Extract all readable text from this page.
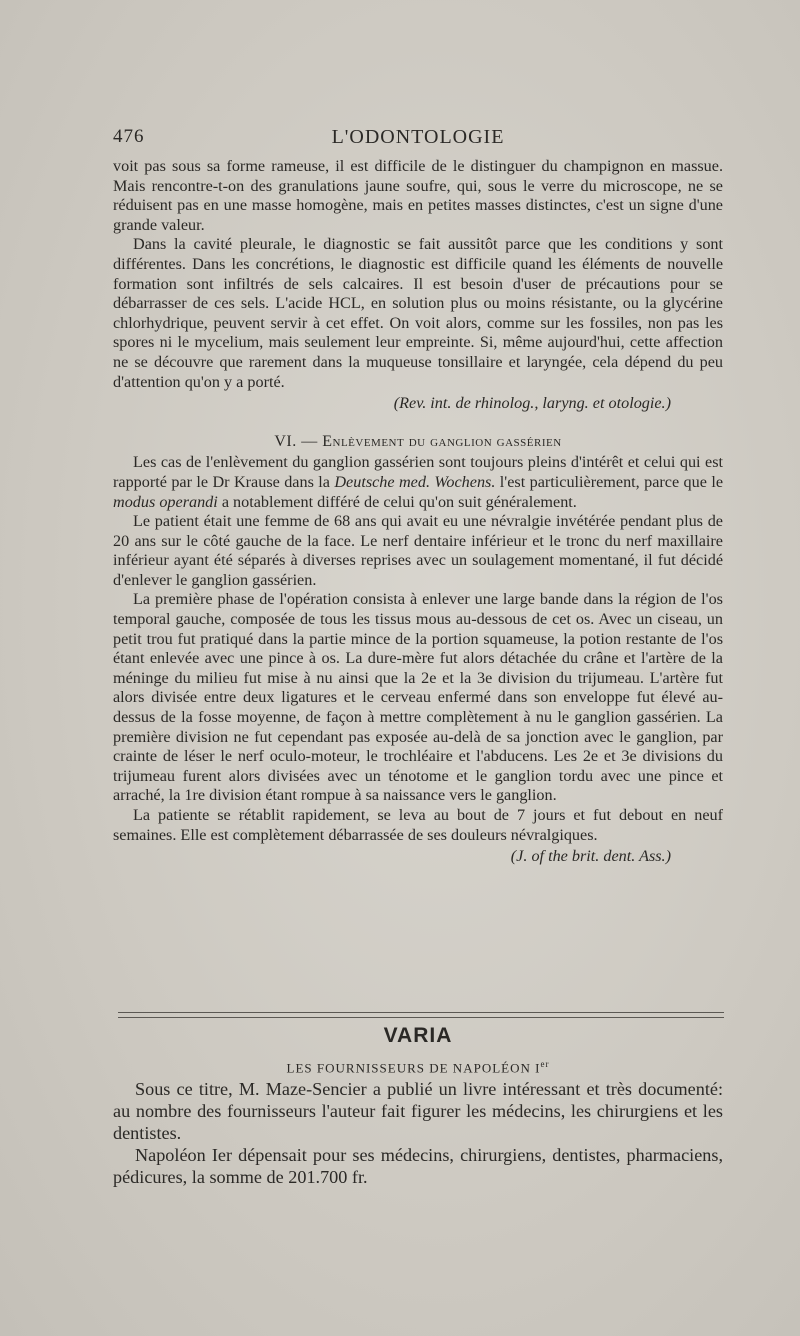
476	L'ODONTOLOGIE

voit pas sous sa forme rameuse, il est difficile de le distinguer du champignon en massue. Mais rencontre-t-on des granulations jaune soufre, qui, sous le verre du microscope, ne se réduisent pas en une masse homogène, mais en petites masses distinctes, c'est un signe d'une grande valeur.

Dans la cavité pleurale, le diagnostic se fait aussitôt parce que les conditions y sont différentes. Dans les concrétions, le diagnostic est difficile quand les éléments de nouvelle formation sont infiltrés de sels calcaires. Il est besoin d'user de précautions pour se débarrasser de ces sels. L'acide HCL, en solution plus ou moins résistante, ou la glycérine chlorhydrique, peuvent servir à cet effet. On voit alors, comme sur les fossiles, non pas les spores ni le mycelium, mais seulement leur empreinte. Si, même aujourd'hui, cette affection ne se découvre que rarement dans la muqueuse tonsillaire et laryngée, cela dépend du peu d'attention qu'on y a porté.

(Rev. int. de rhinolog., laryng. et otologie.)
VI. — Enlèvement du ganglion gassérien

Les cas de l'enlèvement du ganglion gassérien sont toujours pleins d'intérêt et celui qui est rapporté par le Dr Krause dans la Deutsche med. Wochens. l'est particulièrement, parce que le modus operandi a notablement différé de celui qu'on suit généralement.

Le patient était une femme de 68 ans qui avait eu une névralgie invétérée pendant plus de 20 ans sur le côté gauche de la face. Le nerf dentaire inférieur et le tronc du nerf maxillaire inférieur ayant été séparés à diverses reprises avec un soulagement momentané, il fut décidé d'enlever le ganglion gassérien.

La première phase de l'opération consista à enlever une large bande dans la région de l'os temporal gauche, composée de tous les tissus mous au-dessous de cet os. Avec un ciseau, un petit trou fut pratiqué dans la partie mince de la portion squameuse, la potion restante de l'os étant enlevée avec une pince à os. La dure-mère fut alors détachée du crâne et l'artère de la méninge du milieu fut mise à nu ainsi que la 2e et la 3e division du trijumeau. L'artère fut alors divisée entre deux ligatures et le cerveau enfermé dans son enveloppe fut élevé au-dessus de la fosse moyenne, de façon à mettre complètement à nu le ganglion gassérien. La première division ne fut cependant pas exposée au-delà de sa jonction avec le ganglion, par crainte de léser le nerf oculo-moteur, le trochléaire et l'abducens. Les 2e et 3e divisions du trijumeau furent alors divisées avec un ténotome et le ganglion tordu avec une pince et arraché, la 1re division étant rompue à sa naissance vers le ganglion.

La patiente se rétablit rapidement, se leva au bout de 7 jours et fut debout en neuf semaines. Elle est complètement débarrassée de ses douleurs névralgiques.

(J. of the brit. dent. Ass.)
VARIA
LES FOURNISSEURS DE NAPOLÉON Ier

Sous ce titre, M. Maze-Sencier a publié un livre intéressant et très documenté: au nombre des fournisseurs l'auteur fait figurer les médecins, les chirurgiens et les dentistes.

Napoléon Ier dépensait pour ses médecins, chirurgiens, dentistes, pharmaciens, pédicures, la somme de 201.700 fr.
